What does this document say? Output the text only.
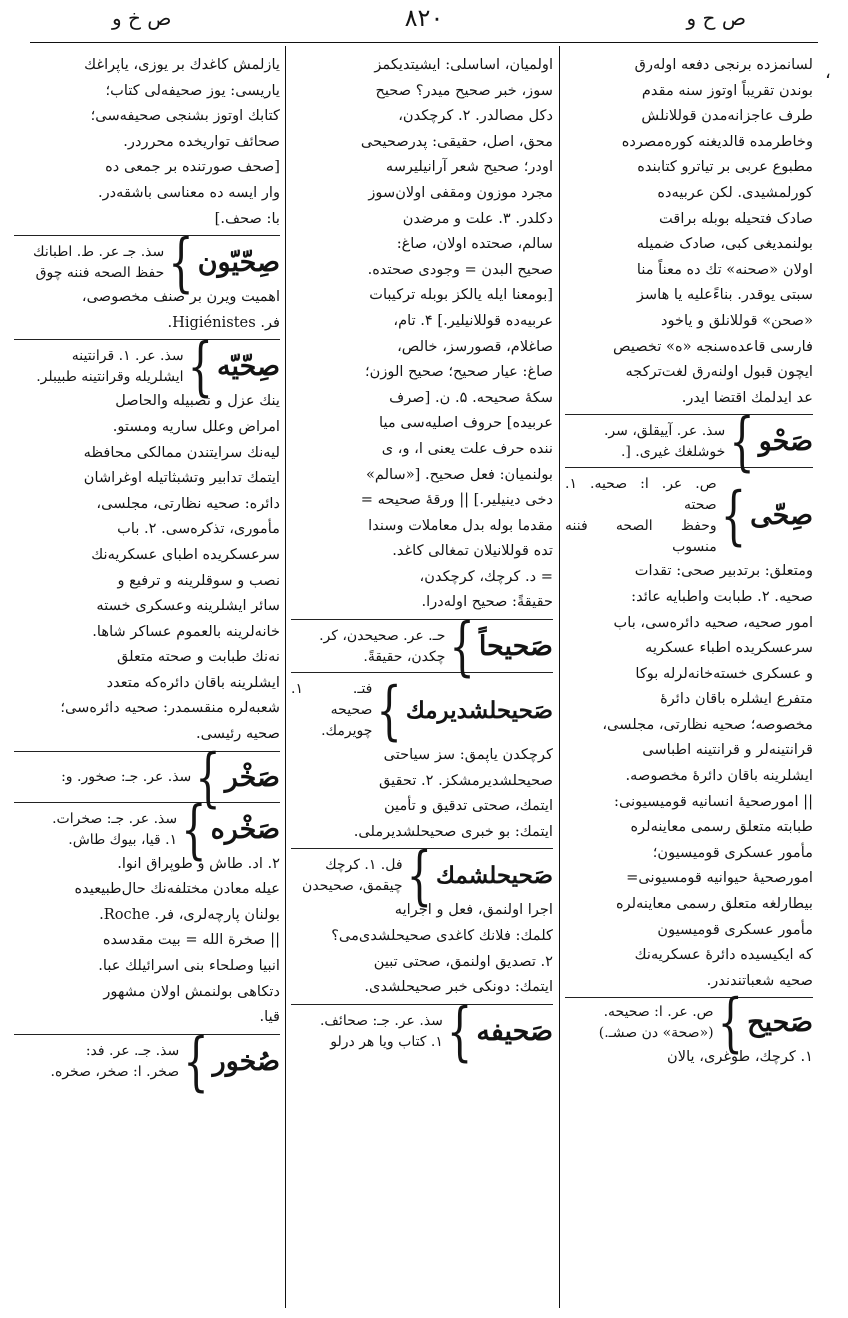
ص ح و
۸۲۰
ص خ و
،

لسانمزده برنجی دفعه اوله‌رق
بوندن تقریباً اوتوز سنه مقدم
طرف عاجزانه‌مدن قوللانلش
وخاطرمده قالدیغنه کوره‌مصرده
مطبوع عربی بر تیاترو کتابنده
کورلمشیدی. لکن عربیه‌ده
صادک فتحیله بوبله براقت
بولنمدیغی کبی، صادک ضمیله
اولان «صحنه» تك ده معناً منا
سبتی یوقدر. بناءًعلیه یا هاسز
«صحن» قوللانلق و یاخود
فارسی قاعده‌سنجه «ه» تخصیص
ایچون قبول اولنه‌رق لغت‌ترکجه
عد ایدلمك اقتضا ایدر.

صَحْو
}
سذ. عر. آییقلق، سر.
خوشلغك غیری. [.
صِحّی
}
ص. عر. ا: صحیه. ۱. صحته
وحفظ الصحه فننه منسوب

ومتعلق: برتدبیر صحی: تقدات
صحیه. ۲. طبابت واطبایه عائد:
امور صحیه، صحیه دائره‌سی، باب
سرعسکریده اطباء عسکریه
و عسکری خسته‌خانه‌لرله بوکا
متفرع ایشلره باقان دائرهٔ
مخصوصه؛ صحیه نظارتی، مجلسی،
قرانتینه‌لر و قرانتینه اطباسی
ایشلرینه باقان دائرهٔ مخصوصه.
|| امورصحیهٔ انسانیه قومیسیونی:
طبابته متعلق رسمی معاینه‌لره
مأمور عسکری قومیسیون؛
امورصحیهٔ حیوانیه قومسیونی=
بیطارلغه متعلق رسمی معاینه‌لره
مأمور عسکری قومیسیون
که ایکیسیده دائرهٔ عسکریه‌نك
صحیه شعباتندندر.

صَحیح
}
ص. عر. ا: صحیحه.
(«صحة» دن صشـ.)

۱. کرچك، طوغری، یالان

اولمیان، اساسلی: ایشیتدیکمز
سوز، خبر صحیح میدر؟ صحیح
دکل مصالدر. ۲. کرچکدن،
محق، اصل، حقیقی: پدرصحیحی
اودر؛ صحیح شعر آرانیلیرسه
مجرد موزون ومقفی اولان‌سوز
دکلدر. ۳. علت و مرضدن
سالم، صحتده اولان، صاغ:
صحیح البدن = وجودی صحتده.
[بومعنا ایله یالکز بوبله ترکیبات
عربیه‌ده قوللانیلیر.] ۴. تام،
صاغلام، قصورسز، خالص،
صاغ: عیار صحیح؛ صحیح الوزن؛
سکهٔ صحیحه. ۵. ن. [صرف
عربیده] حروف اصلیه‌سی میا
ننده حرف علت یعنی ا، و، ی
بولنمیان: فعل صحیح. [«سالم»
دخی دینیلیر.] || ورقهٔ صحیحه =
مقدما بوله بدل معاملات وسندا
تده قوللانیلان تمغالی کاغد.
= د. کرچك، کرچکدن،
حقیقةً: صحیح اوله‌درا.

صَحیحاً
}
حـ. عر. صحیحدن، کر.
چکدن، حقیقةً.
صَحیحلشدیرمك
}
فتـ. ۱. صحیحه
چویرمك.

کرچکدن یاپمق: سز سیاحتی
صحیحلشدیرمشکز. ۲. تحقیق
ایتمك، صحتی تدقیق و تأمین
ایتمك: بو خبری صحیحلشدیرملی.

صَحیحلشمك
}
فل. ۱. کرچك
چیقمق، صحیحدن

اجرا اولنمق، فعل و اجرایه
کلمك: فلانك کاغدی صحیحلشدی‌می؟
۲. تصدیق اولنمق، صحتی تبین
ایتمك: دونکی خبر صحیحلشدی.

صَحیفه
}
سذ. عر. جـ: صحائف.
۱. کتاب ویا هر درلو

یازلمش کاغدك بر یوزی، یاپراغك
یاریسی: یوز صحیفه‌لی کتاب؛
کتابك اوتوز بشنجی صحیفه‌سی؛
صحائف تواریخده محرردر.
[صحف صورتنده بر جمعی ده
وار ایسه ده معناسی باشقه‌در.
با: صحف.]

صِحّیّون
}
سذ. جـ عر. ط. اطبانك
حفظ الصحه فننه چوق

اهمیت ویرن بر صنف مخصوصی،
فر. Higiénistes.

صِحّیّه
}
سذ. عر. ۱. قرانتینه
ایشلریله وقرانتینه طبیبلر.

ینك عزل و نصبیله والحاصل
امراض وعلل ساریه ومستو.
لیه‌نك سرایتندن ممالکی محافظه
ایتمك تدابیر وتشبثاتیله اوغراشان
دائره: صحیه نظارتی، مجلسی،
مأموری، تذکره‌سی. ۲. باب
سرعسکریده اطبای عسکریه‌نك
نصب و سوقلرینه و ترفیع و
سائر ایشلرینه وعسکری خسته
خانه‌لرینه بالعموم عساکر شاها.
نه‌نك طبابت و صحته متعلق
ایشلرینه باقان دائره‌که متعدد
شعبه‌لره منقسمدر: صحیه دائره‌سی؛
صحیه رئیسی.

صَخْر
}
سذ. عر. جـ: صخور. و:
صَخْره
}
سذ. عر. جـ: صخرات.
۱. قیا، بیوك طاش.

۲. اد. طاش و طوپراق انوا.
عیله معادن مختلفه‌نك حال‌طبیعیده
بولنان پارچه‌لری، فر. Roche.
|| صخرة الله = بیت مقدسده
انبیا وصلحاء بنی اسرائیلك عبا.
دتکاهی بولنمش اولان مشهور
قیا.

صُخور
}
سذ. جـ. عر. فد:
صخر. ا: صخر، صخره.
